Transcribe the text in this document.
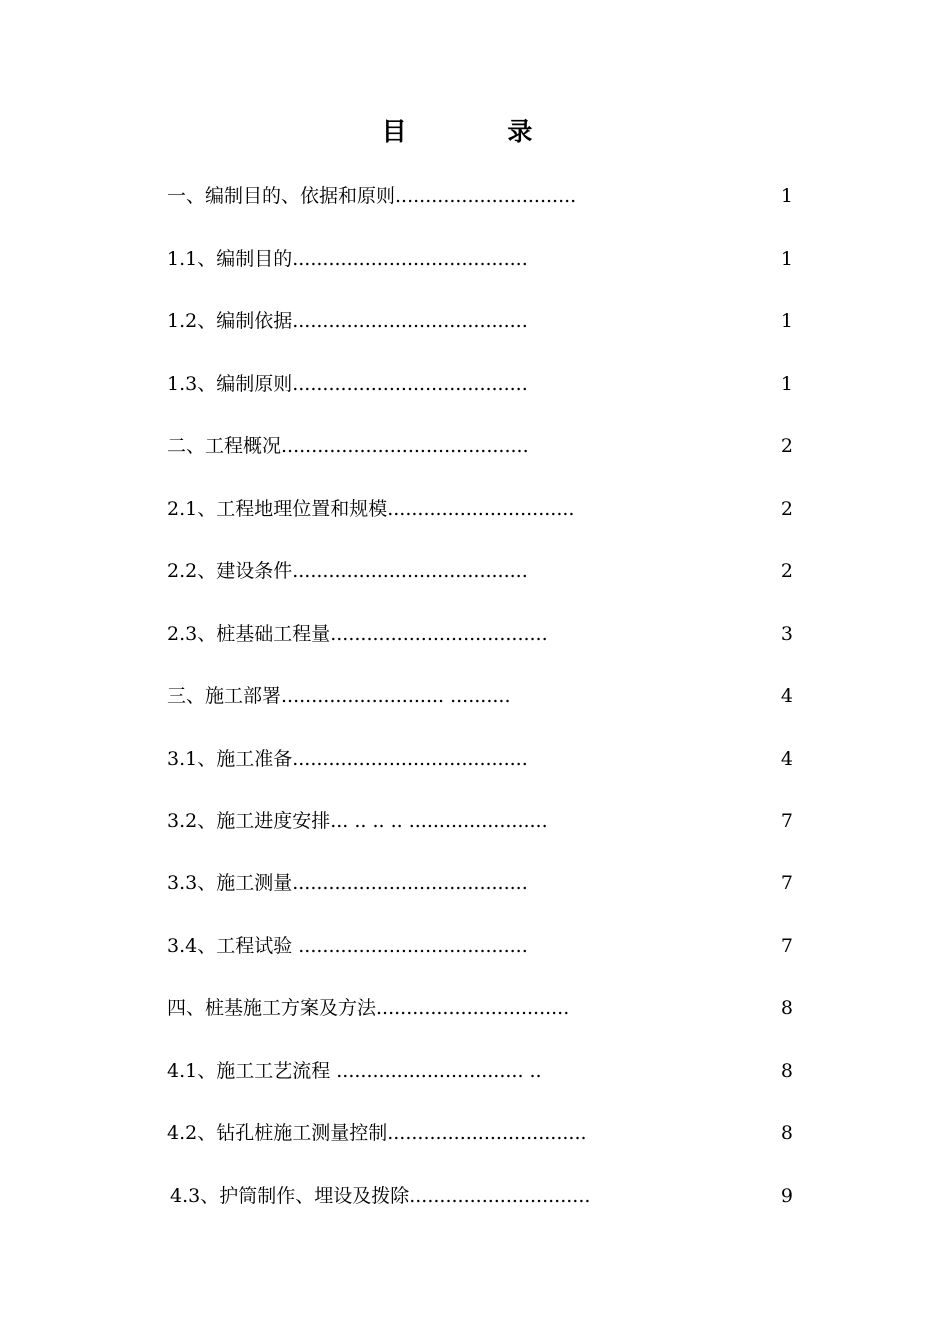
目 录
一、编制目的、依据和原则..............................	1
1.1、编制目的.......................................	1
1.2、编制依据.......................................	1
1.3、编制原则.......................................	1
二、工程概况.........................................	2
2.1、工程地理位置和规模...............................	2
2.2、建设条件.......................................	2
2.3、桩基础工程量....................................	3
三、施工部署........................... ..........	4
3.1、施工准备.......................................	4
3.2、施工进度安排... .. .. .. .......................	7
3.3、施工测量.......................................	7
3.4、工程试验 ......................................	7
四、桩基施工方案及方法................................	8
4.1、施工工艺流程 ............................... ..	8
4.2、钻孔桩施工测量控制.................................	8
4.3、护筒制作、埋设及拨除..............................	9
